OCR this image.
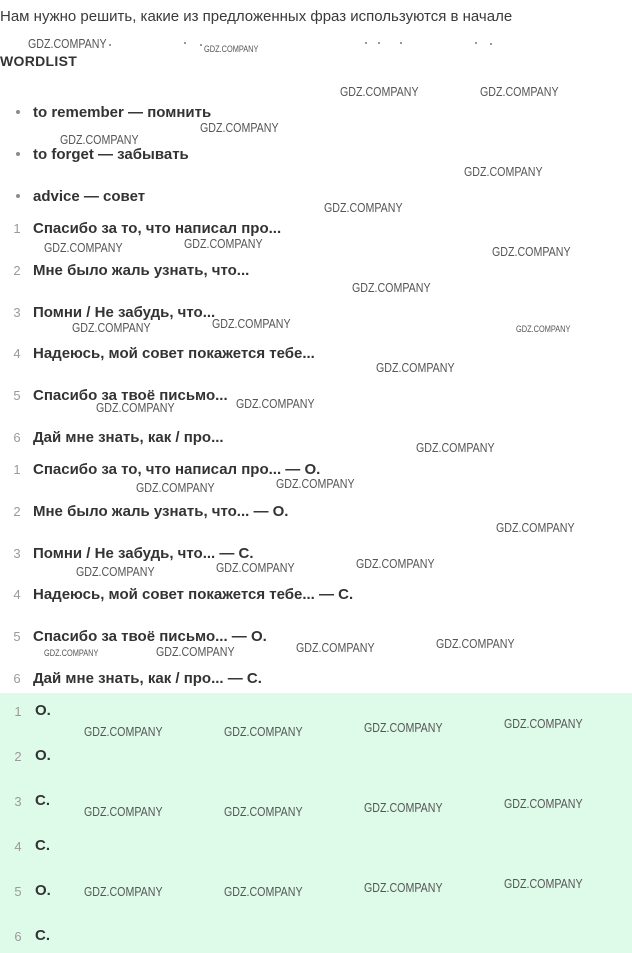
Нам нужно решить, какие из предложенных фраз используются в начале
WORDLIST
to remember — помнить
to forget — забывать
advice — совет
1 Спасибо за то, что написал про...
2 Мне было жаль узнать, что...
3 Помни / Не забудь, что...
4 Надеюсь, мой совет покажется тебе...
5 Спасибо за твоё письмо...
6 Дай мне знать, как / про...
1 Спасибо за то, что написал про... — O.
2 Мне было жаль узнать, что... — O.
3 Помни / Не забудь, что... — C.
4 Надеюсь, мой совет покажется тебе... — C.
5 Спасибо за твоё письмо... — O.
6 Дай мне знать, как / про... — C.
1 O.
2 O.
3 C.
4 C.
5 O.
6 C.
GDZ.COMPANY	GDZ.COMPANY
GDZ.COMPANY	GDZ.COMPANY
GDZ.COMPANY
GDZ.COMPANY
GDZ.COMPANY
GDZ.COMPANY
GDZ.COMPANY	GDZ.COMPANY
GDZ.COMPANY
GDZ.COMPANY
GDZ.COMPANY	GDZ.COMPANY	GDZ.COMPANY
GDZ.COMPANY
GDZ.COMPANY	GDZ.COMPANY
GDZ.COMPANY
GDZ.COMPANY	GDZ.COMPANY
GDZ.COMPANY
GDZ.COMPANY	GDZ.COMPANY	GDZ.COMPANY
GDZ.COMPANY	GDZ.COMPANY	GDZ.COMPANY	GDZ.COMPANY
GDZ.COMPANY	GDZ.COMPANY	GDZ.COMPANY	GDZ.COMPANY
GDZ.COMPANY	GDZ.COMPANY	GDZ.COMPANY	GDZ.COMPANY
GDZ.COMPANY	GDZ.COMPANY	GDZ.COMPANY	GDZ.COMPANY
